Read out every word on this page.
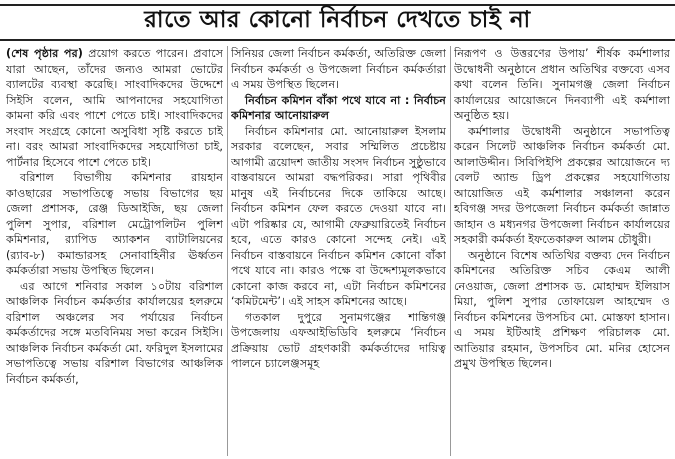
রাতে আর কোনো নির্বাচন দেখতে চাই না

(শেষ পৃষ্ঠার পর) প্রয়োগ করতে পারেন। প্রবাসে যারা আছেন, তাঁদের জন্যও আমরা ভোটের ব্যালটের ব্যবস্থা করেছি। সাংবাদিকদের উদ্দেশে সিইসি বলেন, আমি আপনাদের সহযোগিতা কামনা করি এবং পাশে পেতে চাই। সাংবাদিকদের সংবাদ সংগ্রহে কোনো অসুবিধা সৃষ্টি করতে চাই না। বরং আমরা সাংবাদিকদের সহযোগিতা চাই, পার্টনার হিসেবে পাশে পেতে চাই।

বরিশাল বিভাগীয় কমিশনার রায়হান কাওছারের সভাপতিত্বে সভায় বিভাগের ছয় জেলা প্রশাসক, রেঞ্জ ডিআইজি, ছয় জেলা পুলিশ সুপার, বরিশাল মেট্রোপলিটন পুলিশ কমিশনার, র‍্যাপিড অ্যাকশন ব্যাটালিয়নের (র‍্যাব-৮) কমান্ডারসহ সেনাবাহিনীর ঊর্ধ্বতন কর্মকর্তারা সভায় উপস্থিত ছিলেন।

এর আগে শনিবার সকাল ১০টায় বরিশাল আঞ্চলিক নির্বাচন কর্মকর্তার কার্যালয়ের হলরুমে বরিশাল অঞ্চলের সব পর্যায়ের নির্বাচন কর্মকর্তাদের সঙ্গে মতবিনিময় সভা করেন সিইসি। আঞ্চলিক নির্বাচন কর্মকর্তা মো. ফরিদুল ইসলামের সভাপতিত্বে সভায় বরিশাল বিভাগের আঞ্চলিক নির্বাচন কর্মকর্তা,

সিনিয়র জেলা নির্বাচন কর্মকর্তা, অতিরিক্ত জেলা নির্বাচন কর্মকর্তা ও উপজেলা নির্বাচন কর্মকর্তারা এ সময় উপস্থিত ছিলেন।

নির্বাচন কমিশন বাঁকা পথে যাবে না : নির্বাচন কমিশনার আনোয়ারুল

নির্বাচন কমিশনার মো. আনোয়ারুল ইসলাম সরকার বলেছেন, সবার সম্মিলিত প্রচেষ্টায় আগামী ত্রয়োদশ জাতীয় সংসদ নির্বাচন সুষ্ঠুভাবে বাস্তবায়নে আমরা বদ্ধপরিকর। সারা পৃথিবীর মানুষ এই নির্বাচনের দিকে তাকিয়ে আছে। নির্বাচন কমিশন ফেল করতে দেওয়া যাবে না। এটা পরিষ্কার যে, আগামী ফেব্রুয়ারিতেই নির্বাচন হবে, এতে কারও কোনো সন্দেহ নেই। এই নির্বাচন বাস্তবায়নে নির্বাচন কমিশন কোনো বাঁকা পথে যাবে না। কারও পক্ষে বা উদ্দেশ্যমূলকভাবে কোনো কাজ করবে না, এটা নির্বাচন কমিশনের ‘কমিটমেন্ট’। এই সাহস কমিশনের আছে।

গতকাল দুপুরে সুনামগঞ্জের শান্তিগঞ্জ উপজেলায় এফআইভিডিবি হলরুমে ‘নির্বাচন প্রক্রিয়ায় ভোট গ্রহণকারী কর্মকর্তাদের দায়িত্ব পালনে চ্যালেঞ্জসমূহ

নিরূপণ ও উত্তরণের উপায়’ শীর্ষক কর্মশালার উদ্বোধনী অনুষ্ঠানে প্রধান অতিথির বক্তব্যে এসব কথা বলেন তিনি। সুনামগঞ্জ জেলা নির্বাচন কার্যালয়ের আয়োজনে দিনব্যাপী এই কর্মশালা অনুষ্ঠিত হয়।

কর্মশালার উদ্বোধনী অনুষ্ঠানে সভাপতিত্ব করেন সিলেট আঞ্চলিক নির্বাচন কর্মকর্তা মো. আলাউদ্দীন। সিবিপিইপি প্রকল্পের আয়োজনে দ্য বেলট অ্যান্ড ড্রিপ প্রকল্পের সহযোগিতায় আয়োজিত এই কর্মশালার সঞ্চালনা করেন হবিগঞ্জ সদর উপজেলা নির্বাচন কর্মকর্তা জান্নাত জাহান ও মধ্যনগর উপজেলা নির্বাচন কার্যালয়ের সহকারী কর্মকর্তা ইফতেকারুল আলম চৌধুরী।

অনুষ্ঠানে বিশেষ অতিথির বক্তব্য দেন নির্বাচন কমিশনের অতিরিক্ত সচিব কেএম আলী নেওয়াজ, জেলা প্রশাসক ড. মোহাম্মদ ইলিয়াস মিয়া, পুলিশ সুপার তোফায়েল আহম্মেদ ও নির্বাচন কমিশনের উপসচিব মো. মোস্তফা হাসান। এ সময় ইটিআই প্রশিক্ষণ পরিচালক মো. আতিয়ার রহমান, উপসচিব মো. মনির হোসেন প্রমুখ উপস্থিত ছিলেন।
